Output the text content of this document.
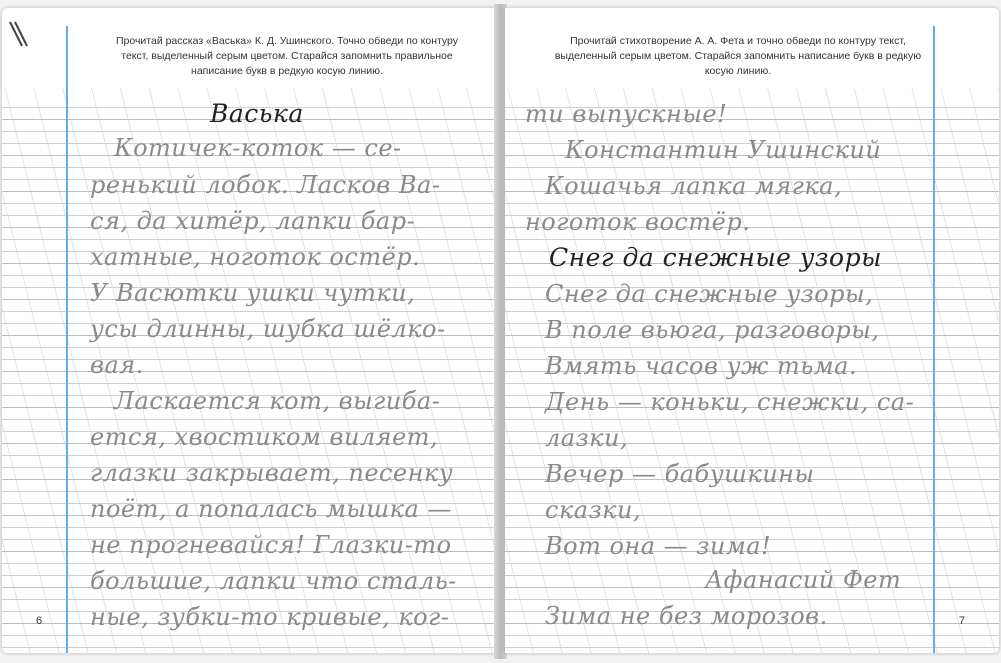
Прочитай рассказ «Васька» К. Д. Ушинского. Точно обведи по контуру текст, выделенный серым цветом. Старайся запомнить правильное написание букв в редкую косую линию.
Васька
Котичек-коток — се-
ренький лобок. Ласков Ва-
ся, да хитёр, лапки бар-
хатные, ноготок остёр.
У Васютки ушки чутки,
усы длинны, шубка шёлко-
вая.
Ласкается кот, выгиба-
ется, хвостиком виляет,
глазки закрывает, песенку
поёт, а попалась мышка —
не прогневайся! Глазки-то
большие, лапки что сталь-
ные, зубки-то кривые, ког-
6
Прочитай стихотворение А. А. Фета и точно обведи по контуру текст, выделенный серым цветом. Старайся запомнить написание букв в редкую косую линию.
ти выпускные!
Константин Ушинский
Кошачья лапка мягка,
ноготок востёр.
Снег да снежные узоры
Снег да снежные узоры,
В поле вьюга, разговоры,
Вмять часов уж тьма.
День — коньки, снежки, са-
лазки,
Вечер — бабушкины
сказки,
Вот она — зима!
Афанасий Фет
Зима не без морозов.	7
